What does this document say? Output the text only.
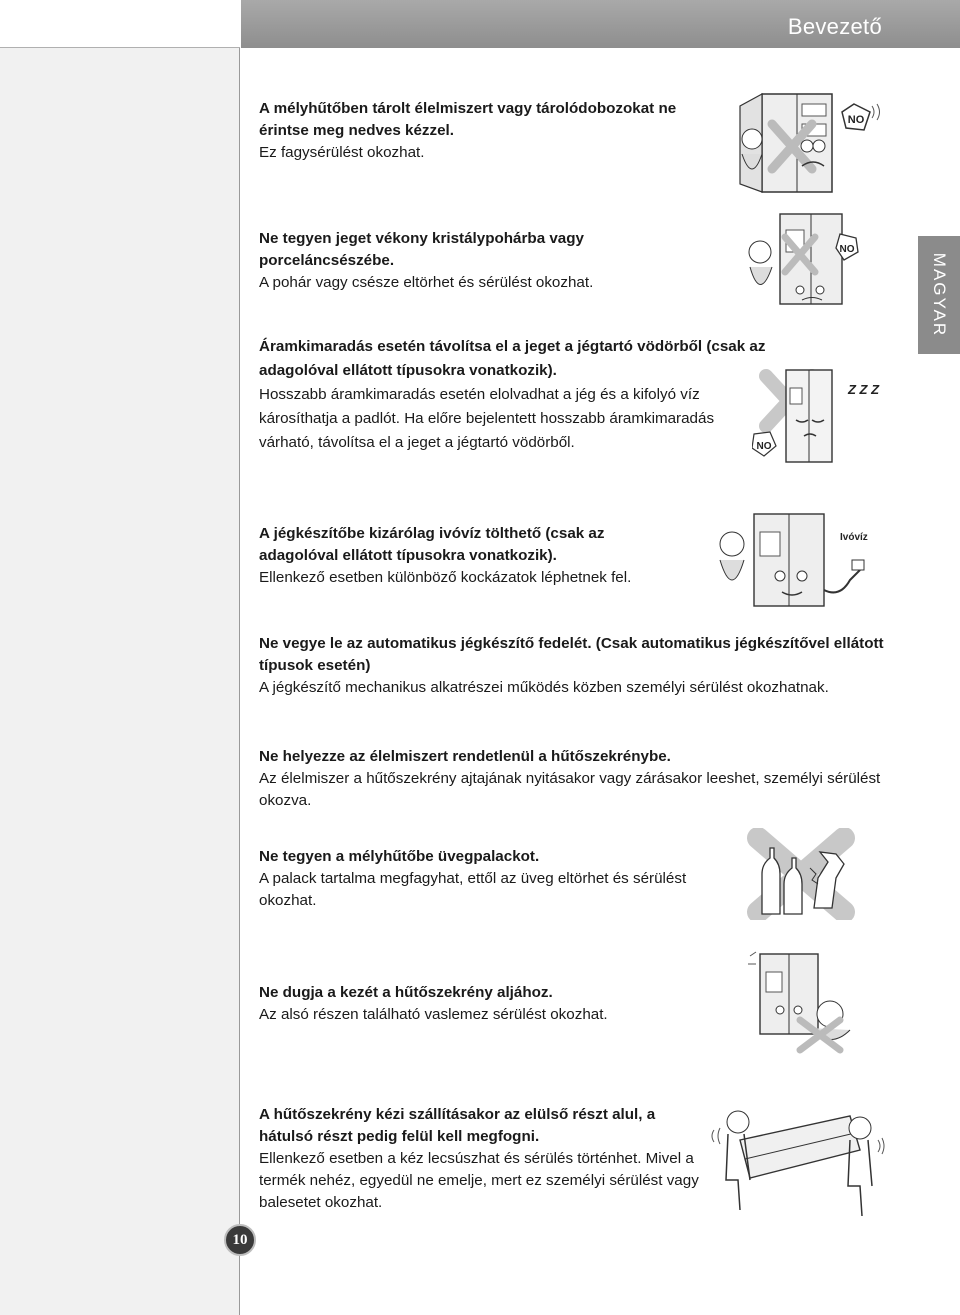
Bevezető
MAGYAR
10

A mélyhűtőben tárolt élelmiszert vagy tárolódobozokat ne érintse meg nedves kézzel.

Ez fagysérülést okozhat.

Ne tegyen jeget vékony kristálypohárba vagy porceláncsészébe.

A pohár vagy csésze eltörhet és sérülést okozhat.

Áramkimaradás esetén távolítsa el a jeget a jégtartó vödörből (csak az adagolóval ellátott típusokra vonatkozik).

Hosszabb áramkimaradás esetén elolvadhat a jég és a kifolyó víz károsíthatja a padlót. Ha előre bejelentett hosszabb áramkimaradás várható, távolítsa el a jeget a jégtartó vödörből.

A jégkészítőbe kizárólag ivóvíz tölthető (csak az adagolóval ellátott típusokra vonatkozik).

Ellenkező esetben különböző kockázatok léphetnek fel.

Ne vegye le az automatikus jégkészítő fedelét. (Csak automatikus jégkészítővel ellátott típusok esetén)

A jégkészítő mechanikus alkatrészei működés közben személyi sérülést okozhatnak.

Ne helyezze az élelmiszert rendetlenül a hűtőszekrénybe.

Az élelmiszer a hűtőszekrény ajtajának nyitásakor vagy zárásakor leeshet, személyi sérülést okozva.

Ne tegyen a mélyhűtőbe üvegpalackot.

A palack tartalma megfagyhat, ettől az üveg eltörhet és sérülést okozhat.

Ne dugja a kezét a hűtőszekrény aljához.

Az alsó részen található vaslemez sérülést okozhat.

A hűtőszekrény kézi szállításakor az elülső részt alul, a hátulsó részt pedig felül kell megfogni.

Ellenkező esetben a kéz lecsúszhat és sérülés történhet. Mivel a termék nehéz, egyedül ne emelje, mert ez személyi sérülést vagy balesetet okozhat.

NO
NO
Z Z Z
NO
Ivóvíz
